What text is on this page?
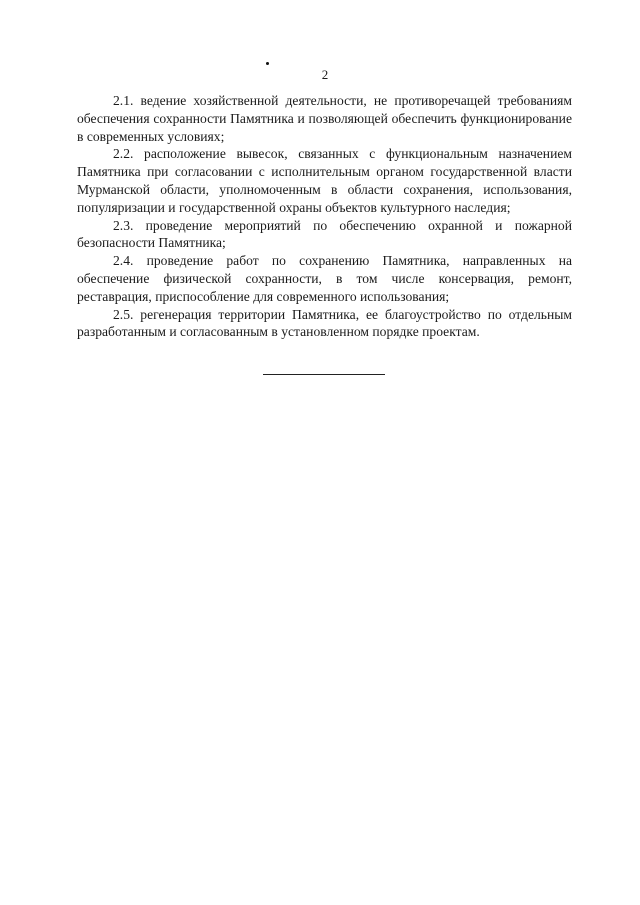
2

2.1. ведение хозяйственной деятельности, не противоречащей требованиям обеспечения сохранности Памятника и позволяющей обеспечить функционирование в современных условиях;

2.2. расположение вывесок, связанных с функциональным назначением Памятника при согласовании с исполнительным органом государственной власти Мурманской области, уполномоченным в области сохранения, использования, популяризации и государственной охраны объектов культурного наследия;

2.3. проведение мероприятий по обеспечению охранной и пожарной безопасности Памятника;

2.4. проведение работ по сохранению Памятника, направленных на обеспечение физической сохранности, в том числе консервация, ремонт, реставрация, приспособление для современного использования;

2.5. регенерация территории Памятника, ее благоустройство по отдельным разработанным и согласованным в установленном порядке проектам.
